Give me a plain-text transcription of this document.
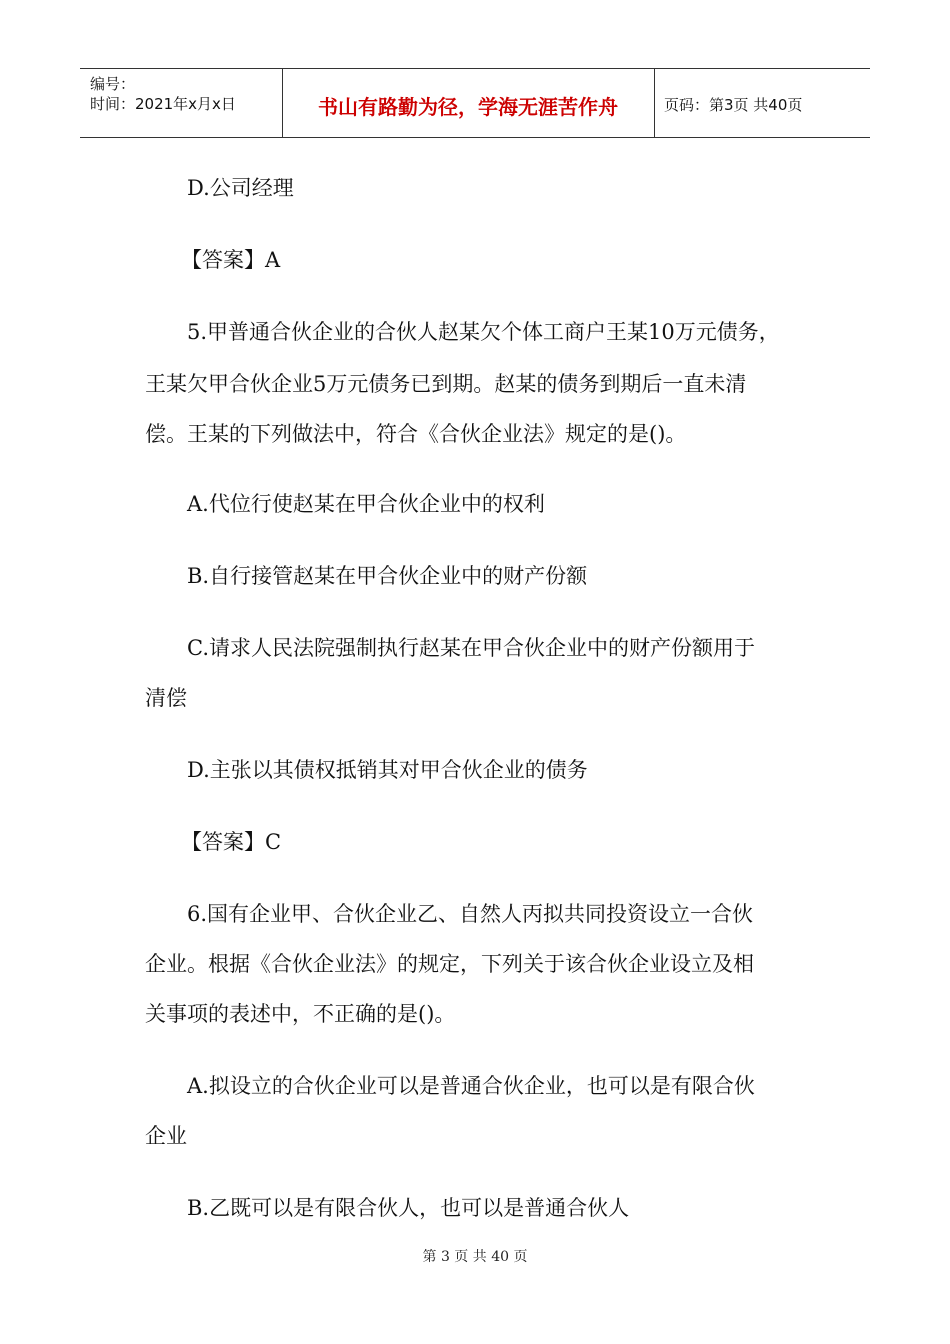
编号：
时间：2021年x月x日	书山有路勤为径，学海无涯苦作舟	页码：第3页 共40页
D.公司经理
【答案】A
5.甲普通合伙企业的合伙人赵某欠个体工商户王某10万元债务，
王某欠甲合伙企业5万元债务已到期。赵某的债务到期后一直未清
偿。王某的下列做法中，符合《合伙企业法》规定的是()。
A.代位行使赵某在甲合伙企业中的权利
B.自行接管赵某在甲合伙企业中的财产份额
C.请求人民法院强制执行赵某在甲合伙企业中的财产份额用于
清偿
D.主张以其债权抵销其对甲合伙企业的债务
【答案】C
6.国有企业甲、合伙企业乙、自然人丙拟共同投资设立一合伙
企业。根据《合伙企业法》的规定，下列关于该合伙企业设立及相
关事项的表述中，不正确的是()。
A.拟设立的合伙企业可以是普通合伙企业，也可以是有限合伙
企业
B.乙既可以是有限合伙人，也可以是普通合伙人
第 3 页 共 40 页
